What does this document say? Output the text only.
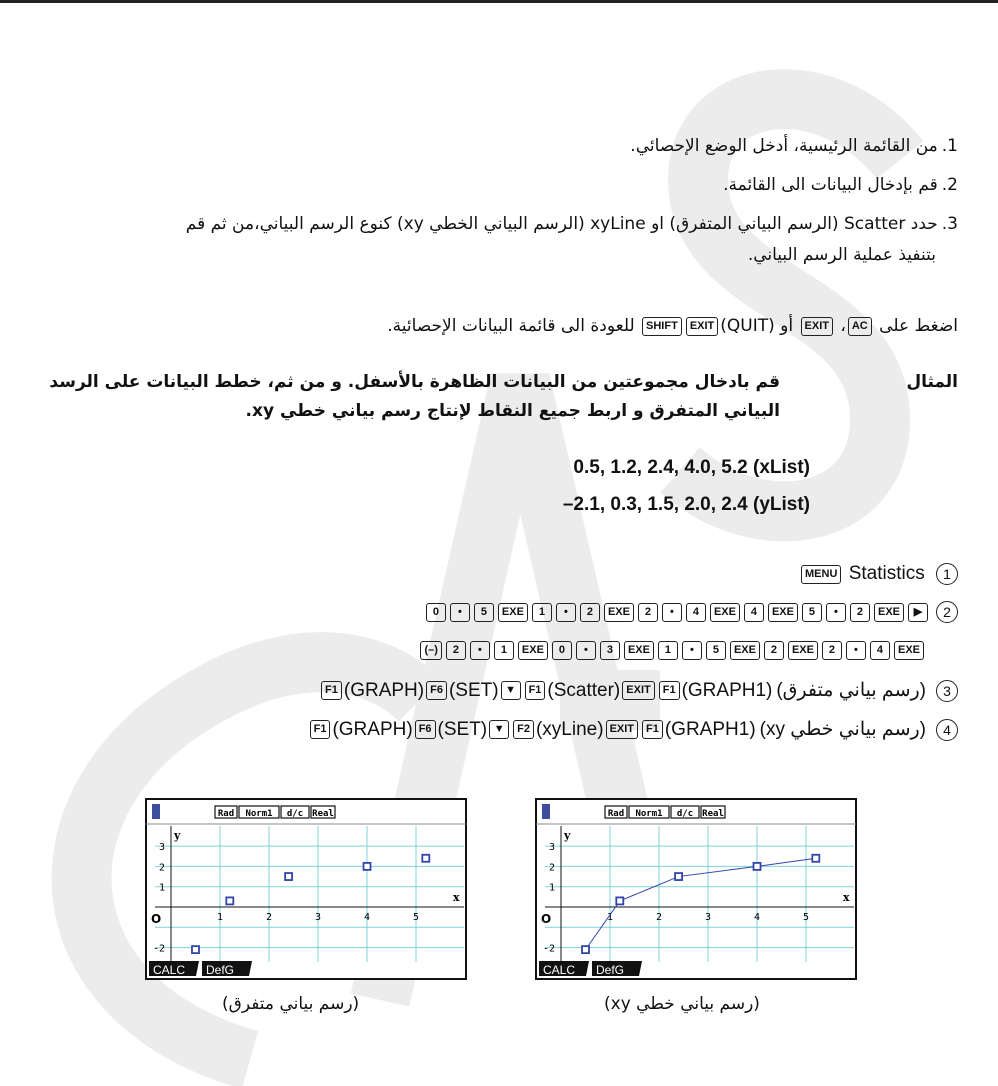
1.من القائمة الرئيسية، أدخل الوضع الإحصائي.
2.قم بإدخال البيانات الى القائمة.
3.حدد Scatter (الرسم البياني المتفرق) او xyLine (الرسم البياني الخطي xy) كنوع الرسم البياني،من ثم قم
بتنفيذ عملية الرسم البياني.
اضغط على AC، EXIT أو SHIFT EXIT (QUIT) للعودة الى قائمة البيانات الإحصائية.
المثال
قم بادخال مجموعتين من البيانات الظاهرة بالأسفل. و من ثم، خطط البيانات على الرسد
البياني المتفرق و اربط جميع النقاط لإنتاج رسم بياني خطي xy.
0.5, 1.2, 2.4, 4.0, 5.2 (xList)
–2.1, 0.3, 1.5, 2.0, 2.4 (yList)
MENU Statistics 1
0 • 5 EXE 1 • 2 EXE 2 • 4 EXE 4 EXE 5 • 2 EXE ▶ 2
(–) 2 • 1 EXE 0 • 3 EXE 1 • 5 EXE 2 EXE 2 • 4 EXE
F1 (GRAPH) F6 (SET) ▼ F1 (Scatter) EXIT F1 (GRAPH1) (رسم بياني متفرق) 3
F1 (GRAPH) F6 (SET) ▼ F2 (xyLine) EXIT F1 (GRAPH1) (رسم بياني خطي xy) 4
Rad Norm1 d/c Real
1	2	3	4	5
3
2
1
-2
y
x
O
CALC DefG
Rad Norm1 d/c Real
1	2	3	4	5
3
2
1
-2
y
x
O
CALC DefG
(رسم بياني متفرق)	(رسم بياني خطي xy)
